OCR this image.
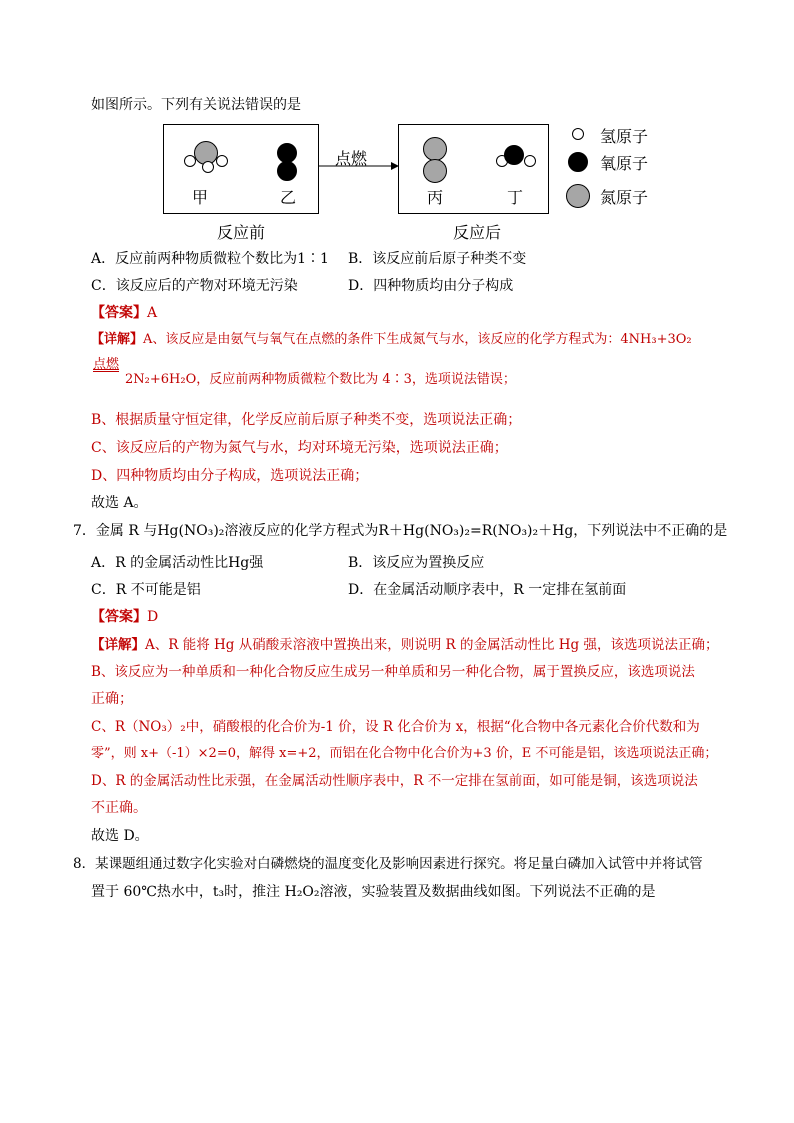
如图所示。下列有关说法错误的是
甲	乙
点燃
丙	丁
反应前	反应后
氢原子
氧原子
氮原子
A．反应前两种物质微粒个数比为1∶1 B．该反应前后原子种类不变
C．该反应后的产物对环境无污染	D．四种物质均由分子构成
【答案】A
【详解】A、该反应是由氨气与氧气在点燃的条件下生成氮气与水，该反应的化学方程式为：4NH₃+3O₂
点燃
2N₂+6H₂O，反应前两种物质微粒个数比为 4∶3，选项说法错误；
B、根据质量守恒定律，化学反应前后原子种类不变，选项说法正确；
C、该反应后的产物为氮气与水，均对环境无污染，选项说法正确；
D、四种物质均由分子构成，选项说法正确；
故选 A。
7．金属 R 与Hg(NO₃)₂溶液反应的化学方程式为R＋Hg(NO₃)₂=R(NO₃)₂＋Hg，下列说法中不正确的是
A．R 的金属活动性比Hg强	B．该反应为置换反应
C．R 不可能是铝	D．在金属活动顺序表中，R 一定排在氢前面
【答案】D
【详解】A、R 能将 Hg 从硝酸汞溶液中置换出来，则说明 R 的金属活动性比 Hg 强，该选项说法正确；
B、该反应为一种单质和一种化合物反应生成另一种单质和另一种化合物，属于置换反应，该选项说法
正确；
C、R（NO₃）₂中，硝酸根的化合价为-1 价，设 R 化合价为 x，根据“化合物中各元素化合价代数和为
零”，则 x+（-1）×2=0，解得 x=+2，而铝在化合物中化合价为+3 价，E 不可能是铝，该选项说法正确；
D、R 的金属活动性比汞强，在金属活动性顺序表中，R 不一定排在氢前面，如可能是铜，该选项说法
不正确。
故选 D。
8．某课题组通过数字化实验对白磷燃烧的温度变化及影响因素进行探究。将足量白磷加入试管中并将试管
置于 60℃热水中，t₃时，推注 H₂O₂溶液，实验装置及数据曲线如图。下列说法不正确的是
